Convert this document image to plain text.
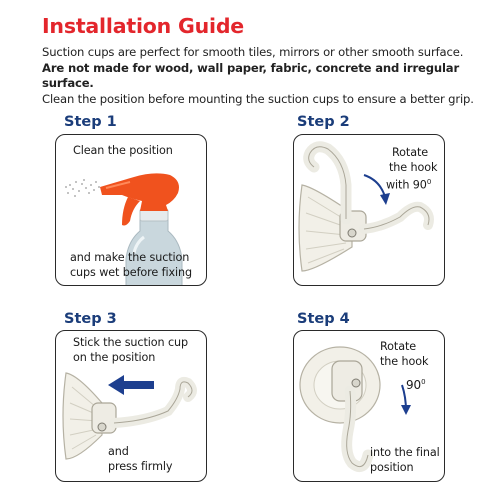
Installation Guide
Suction cups are perfect for smooth tiles, mirrors or other smooth surface.
Are not made for wood, wall paper, fabric, concrete and irregular surface.
Clean the position before mounting the suction cups to ensure a better grip.
Step 1
Clean the position
and make the suction
cups wet before fixing
Step 2
Rotate
the hook
with $90^0$
Step 3
Stick the suction cup
on the position
and
press firmly
Step 4
Rotate
the hook
$90^0$
into the final
position
